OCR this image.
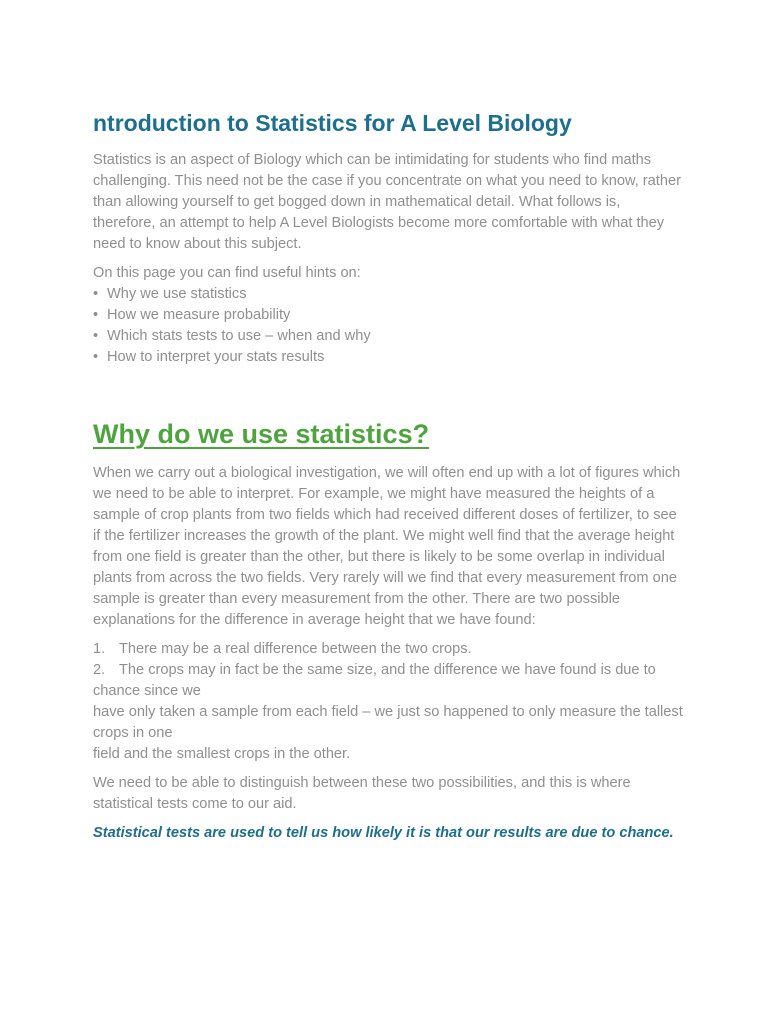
ntroduction to Statistics for A Level Biology

Statistics is an aspect of Biology which can be intimidating for students who find maths challenging. This need not be the case if you concentrate on what you need to know, rather than allowing yourself to get bogged down in mathematical detail. What follows is, therefore, an attempt to help A Level Biologists become more comfortable with what they need to know about this subject.

On this page you can find useful hints on:
• Why we use statistics
• How we measure probability
• Which stats tests to use – when and why
• How to interpret your stats results
Why do we use statistics?

When we carry out a biological investigation, we will often end up with a lot of figures which we need to be able to interpret. For example, we might have measured the heights of a sample of crop plants from two fields which had received different doses of fertilizer, to see if the fertilizer increases the growth of the plant. We might well find that the average height from one field is greater than the other, but there is likely to be some overlap in individual plants from across the two fields. Very rarely will we find that every measurement from one sample is greater than every measurement from the other. There are two possible explanations for the difference in average height that we have found:

1. There may be a real difference between the two crops.
2. The crops may in fact be the same size, and the difference we have found is due to chance since we
have only taken a sample from each field – we just so happened to only measure the tallest crops in one
field and the smallest crops in the other.

We need to be able to distinguish between these two possibilities, and this is where statistical tests come to our aid.

Statistical tests are used to tell us how likely it is that our results are due to chance.
